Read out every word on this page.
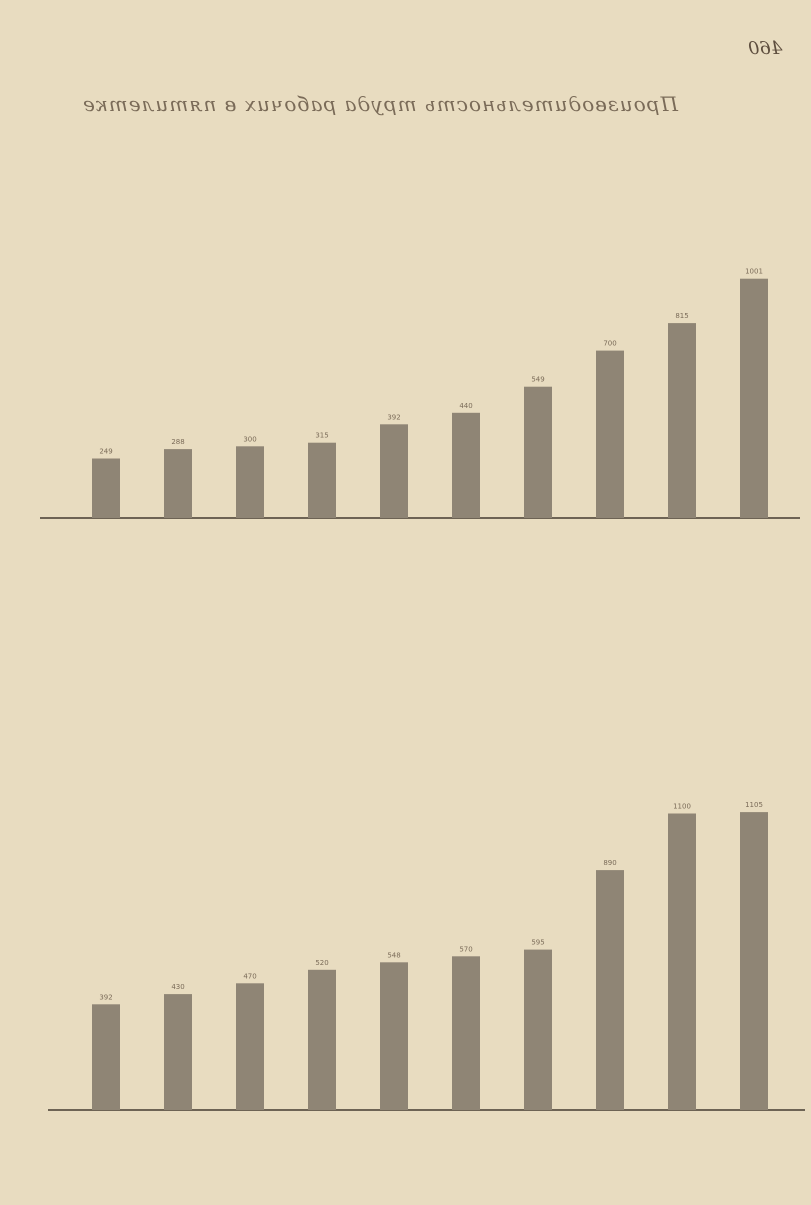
460
Производительность труда рабочих в пятилетке
249
288	300	315
392
440
549
700
815
1001
392
430
470
520
548
570
595
890
1100	1105
